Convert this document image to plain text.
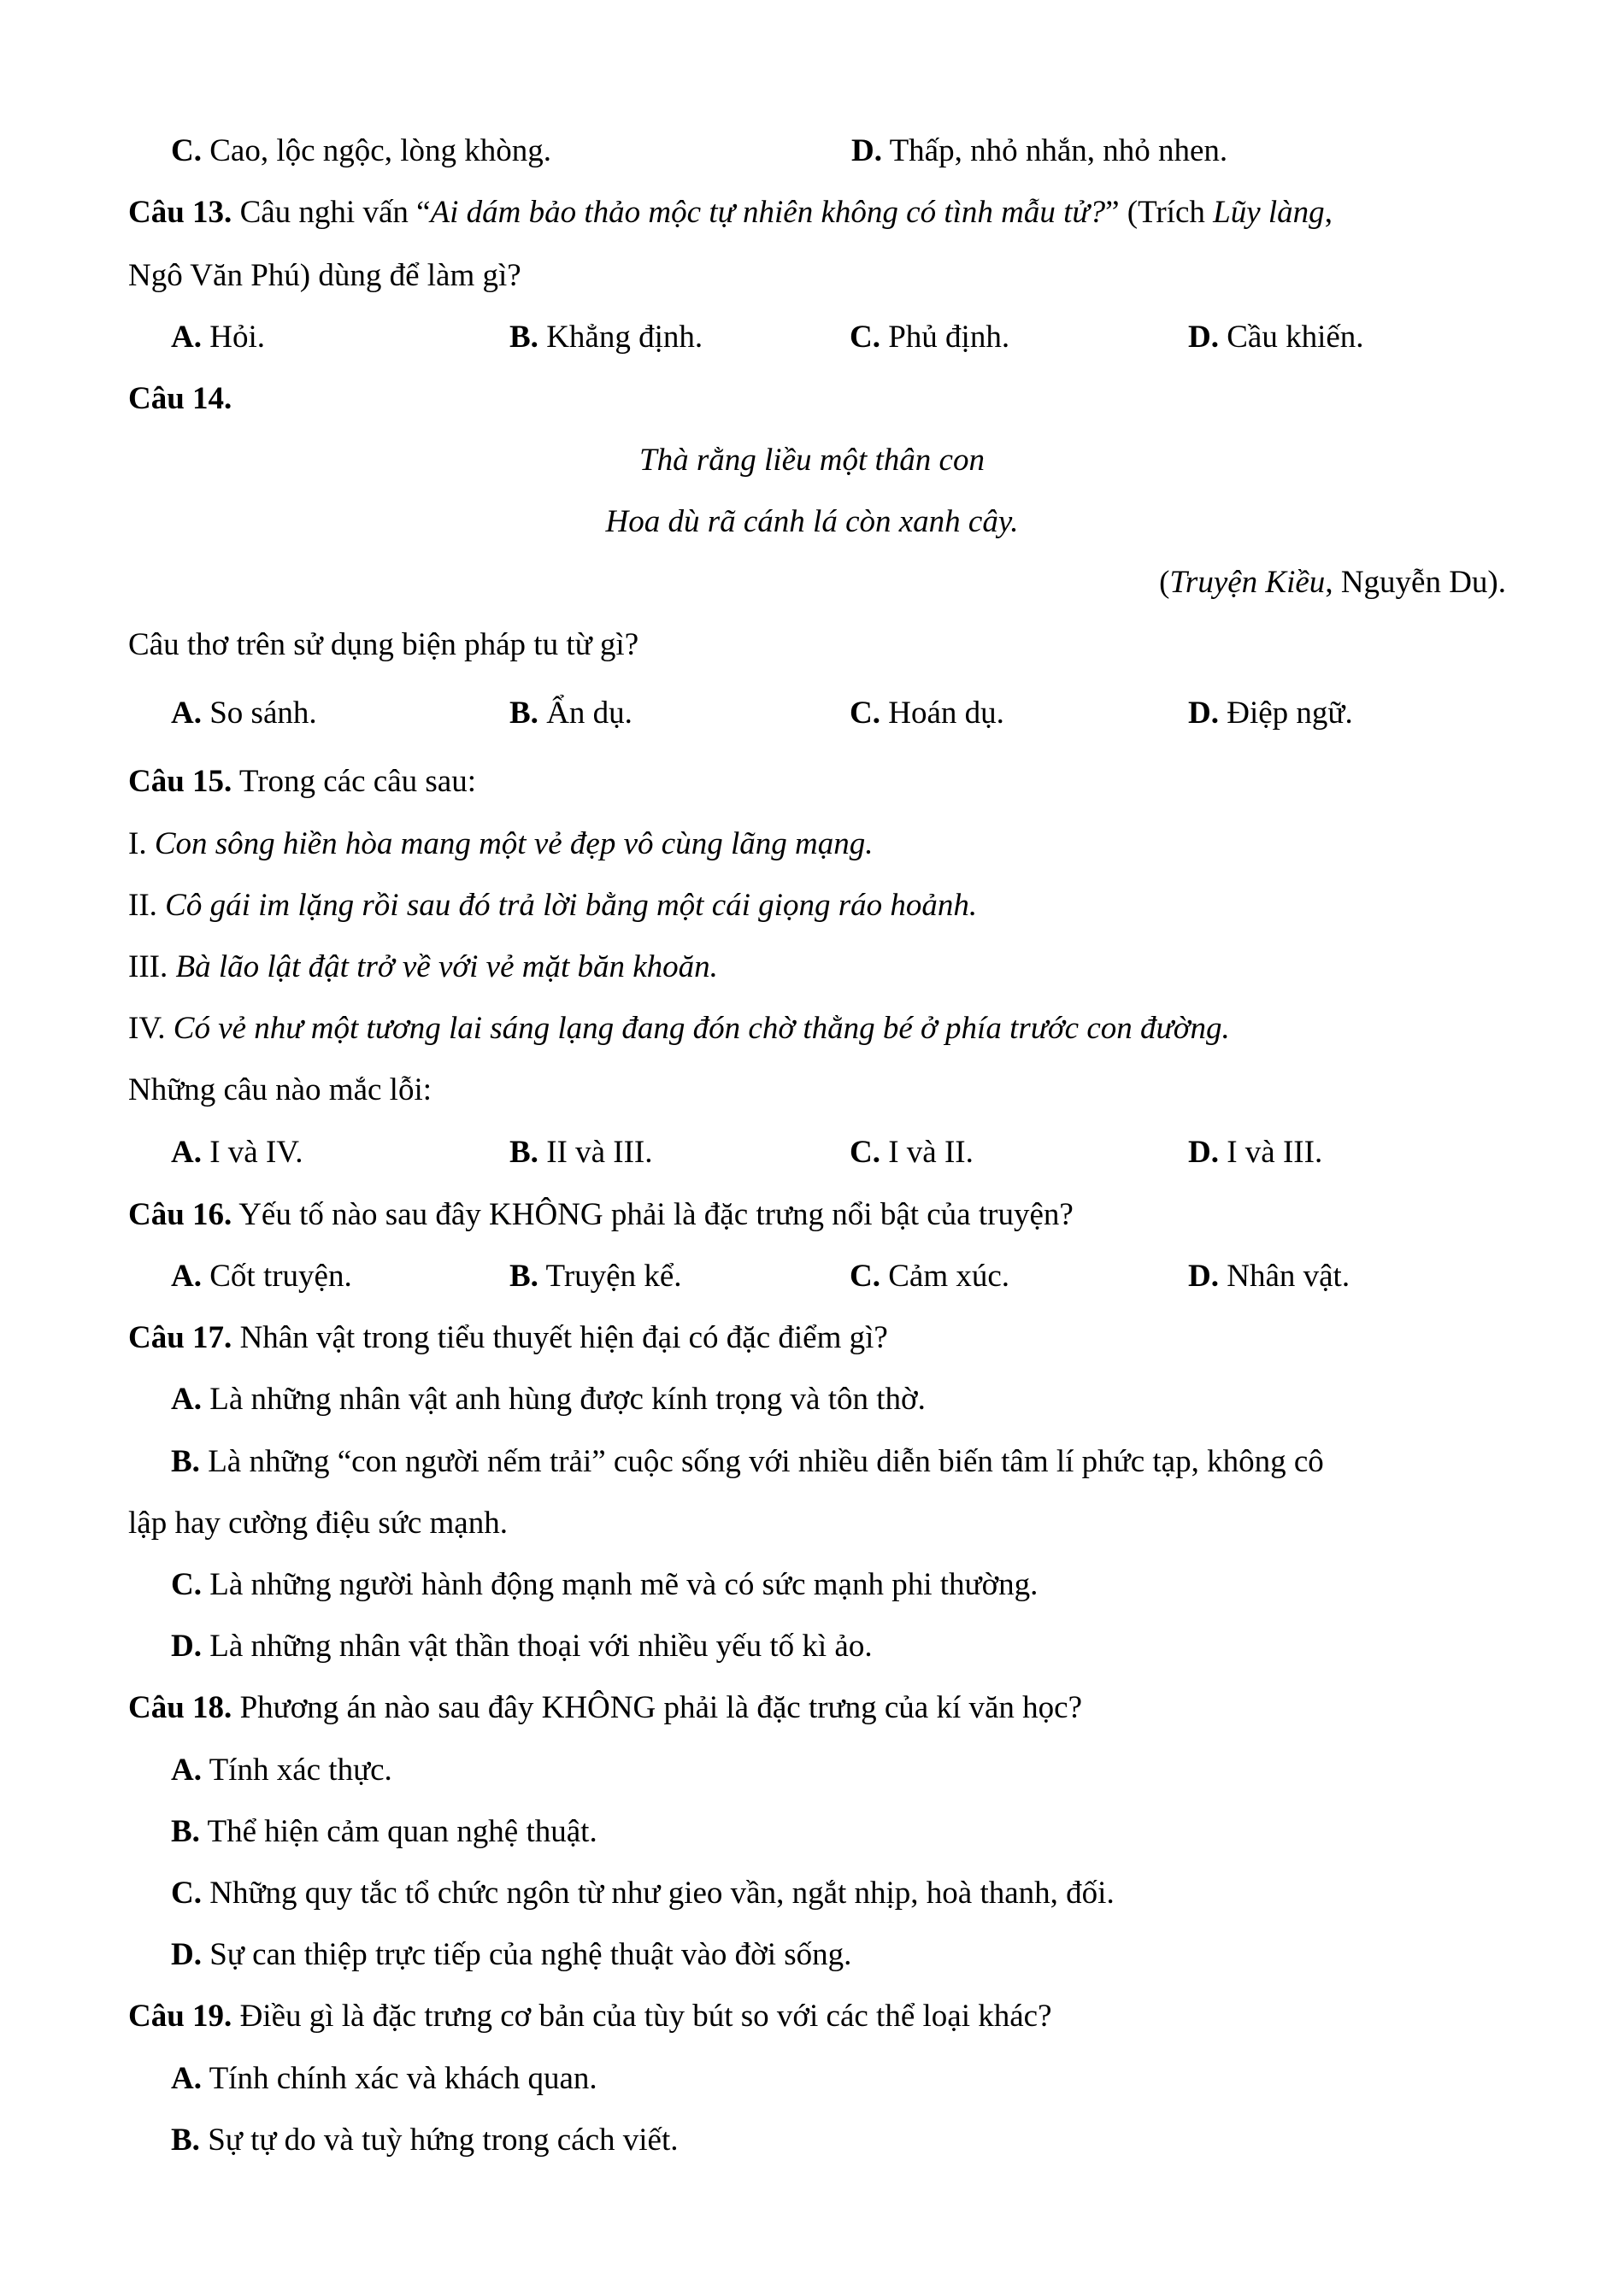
C. Cao, lộc ngộc, lòng khòng.	D. Thấp, nhỏ nhắn, nhỏ nhen.
Câu 13. Câu nghi vấn “Ai dám bảo thảo mộc tự nhiên không có tình mẫu tử?” (Trích Lũy làng,
Ngô Văn Phú) dùng để làm gì?
A. Hỏi.	B. Khẳng định.	C. Phủ định.	D. Cầu khiến.
Câu 14.
Thà rằng liều một thân con
Hoa dù rã cánh lá còn xanh cây.
(Truyện Kiều, Nguyễn Du).
Câu thơ trên sử dụng biện pháp tu từ gì?
A. So sánh.	B. Ẩn dụ.	C. Hoán dụ.	D. Điệp ngữ.
Câu 15. Trong các câu sau:
I. Con sông hiền hòa mang một vẻ đẹp vô cùng lãng mạng.
II. Cô gái im lặng rồi sau đó trả lời bằng một cái giọng ráo hoảnh.
III. Bà lão lật đật trở về với vẻ mặt băn khoăn.
IV. Có vẻ như một tương lai sáng lạng đang đón chờ thằng bé ở phía trước con đường.
Những câu nào mắc lỗi:
A. I và IV.	B. II và III.	C. I và II.	D. I và III.
Câu 16. Yếu tố nào sau đây KHÔNG phải là đặc trưng nổi bật của truyện?
A. Cốt truyện.	B. Truyện kể.	C. Cảm xúc.	D. Nhân vật.
Câu 17. Nhân vật trong tiểu thuyết hiện đại có đặc điểm gì?
A. Là những nhân vật anh hùng được kính trọng và tôn thờ.
B. Là những “con người nếm trải” cuộc sống với nhiều diễn biến tâm lí phức tạp, không cô
lập hay cường điệu sức mạnh.
C. Là những người hành động mạnh mẽ và có sức mạnh phi thường.
D. Là những nhân vật thần thoại với nhiều yếu tố kì ảo.
Câu 18. Phương án nào sau đây KHÔNG phải là đặc trưng của kí văn học?
A. Tính xác thực.
B. Thể hiện cảm quan nghệ thuật.
C. Những quy tắc tổ chức ngôn từ như gieo vần, ngắt nhịp, hoà thanh, đối.
D. Sự can thiệp trực tiếp của nghệ thuật vào đời sống.
Câu 19. Điều gì là đặc trưng cơ bản của tùy bút so với các thể loại khác?
A. Tính chính xác và khách quan.
B. Sự tự do và tuỳ hứng trong cách viết.
